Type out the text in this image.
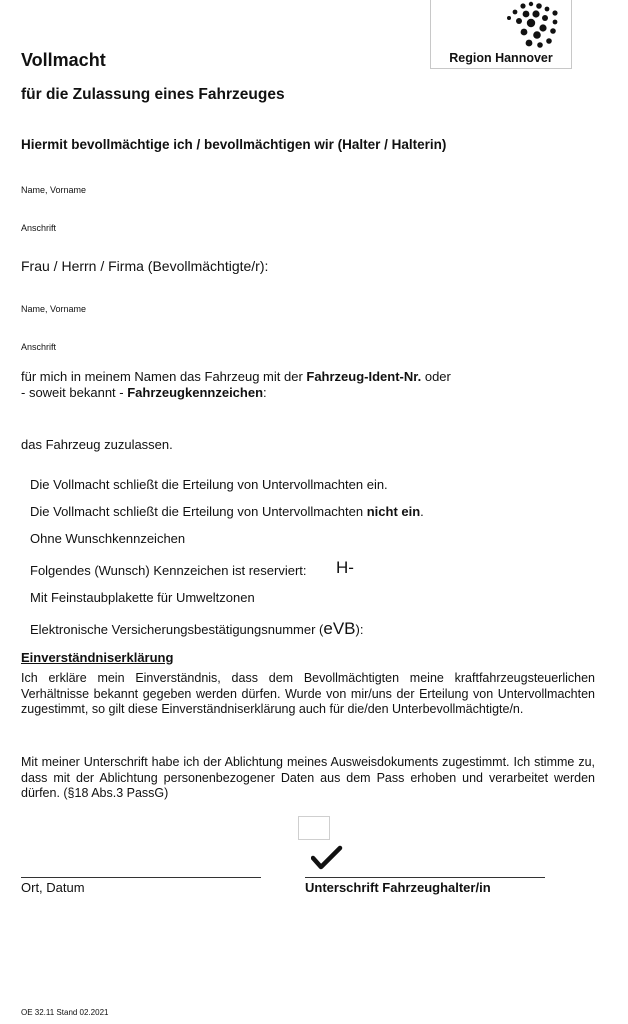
Region Hannover
Vollmacht
für die Zulassung eines Fahrzeuges
Hiermit bevollmächtige ich / bevollmächtigen wir (Halter / Halterin)
Name, Vorname
Anschrift
Frau / Herrn / Firma (Bevollmächtigte/r):
Name, Vorname
Anschrift
für mich in meinem Namen das Fahrzeug mit der Fahrzeug-Ident-Nr. oder
- soweit bekannt - Fahrzeugkennzeichen:
das Fahrzeug zuzulassen.
Die Vollmacht schließt die Erteilung von Untervollmachten ein.
Die Vollmacht schließt die Erteilung von Untervollmachten nicht ein.
Ohne Wunschkennzeichen
Folgendes (Wunsch) Kennzeichen ist reserviert: H-
Mit Feinstaubplakette für Umweltzonen
Elektronische Versicherungsbestätigungsnummer (eVB):
Einverständniserklärung
Ich erkläre mein Einverständnis, dass dem Bevollmächtigten meine kraftfahrzeugsteuerlichen Verhältnisse bekannt gegeben werden dürfen. Wurde von mir/uns der Erteilung von Untervollmachten zugestimmt, so gilt diese Einverständniserklärung auch für die/den Unterbevollmächtigte/n.
Mit meiner Unterschrift habe ich der Ablichtung meines Ausweisdokuments zugestimmt. Ich stimme zu, dass mit der Ablichtung personenbezogener Daten aus dem Pass erhoben und verarbeitet werden dürfen. (§18 Abs.3 PassG)
Ort, Datum	Unterschrift Fahrzeughalter/in
OE 32.11 Stand 02.2021
